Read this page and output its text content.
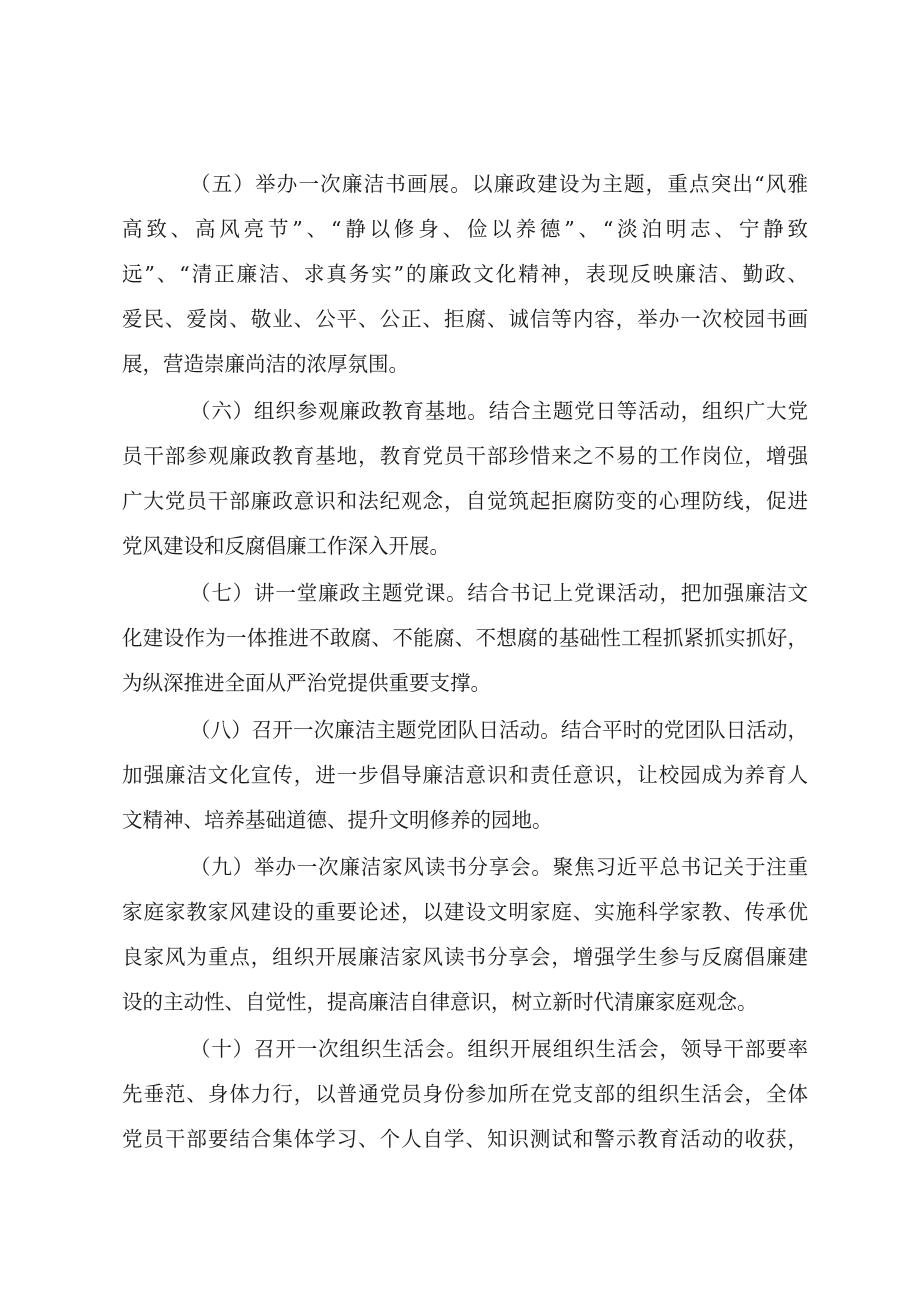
（五）举办一次廉洁书画展。以廉政建设为主题，重点突出“风雅
高致、高风亮节”、“静以修身、俭以养德”、“淡泊明志、宁静致
远”、“清正廉洁、求真务实”的廉政文化精神，表现反映廉洁、勤政、
爱民、爱岗、敬业、公平、公正、拒腐、诚信等内容，举办一次校园书画
展，营造崇廉尚洁的浓厚氛围。

（六）组织参观廉政教育基地。结合主题党日等活动，组织广大党
员干部参观廉政教育基地，教育党员干部珍惜来之不易的工作岗位，增强
广大党员干部廉政意识和法纪观念，自觉筑起拒腐防变的心理防线，促进
党风建设和反腐倡廉工作深入开展。

（七）讲一堂廉政主题党课。结合书记上党课活动，把加强廉洁文
化建设作为一体推进不敢腐、不能腐、不想腐的基础性工程抓紧抓实抓好，
为纵深推进全面从严治党提供重要支撑。

（八）召开一次廉洁主题党团队日活动。结合平时的党团队日活动，
加强廉洁文化宣传，进一步倡导廉洁意识和责任意识，让校园成为养育人
文精神、培养基础道德、提升文明修养的园地。

（九）举办一次廉洁家风读书分享会。聚焦习近平总书记关于注重
家庭家教家风建设的重要论述，以建设文明家庭、实施科学家教、传承优
良家风为重点，组织开展廉洁家风读书分享会，增强学生参与反腐倡廉建
设的主动性、自觉性，提高廉洁自律意识，树立新时代清廉家庭观念。

（十）召开一次组织生活会。组织开展组织生活会，领导干部要率
先垂范、身体力行，以普通党员身份参加所在党支部的组织生活会，全体
党员干部要结合集体学习、个人自学、知识测试和警示教育活动的收获，
